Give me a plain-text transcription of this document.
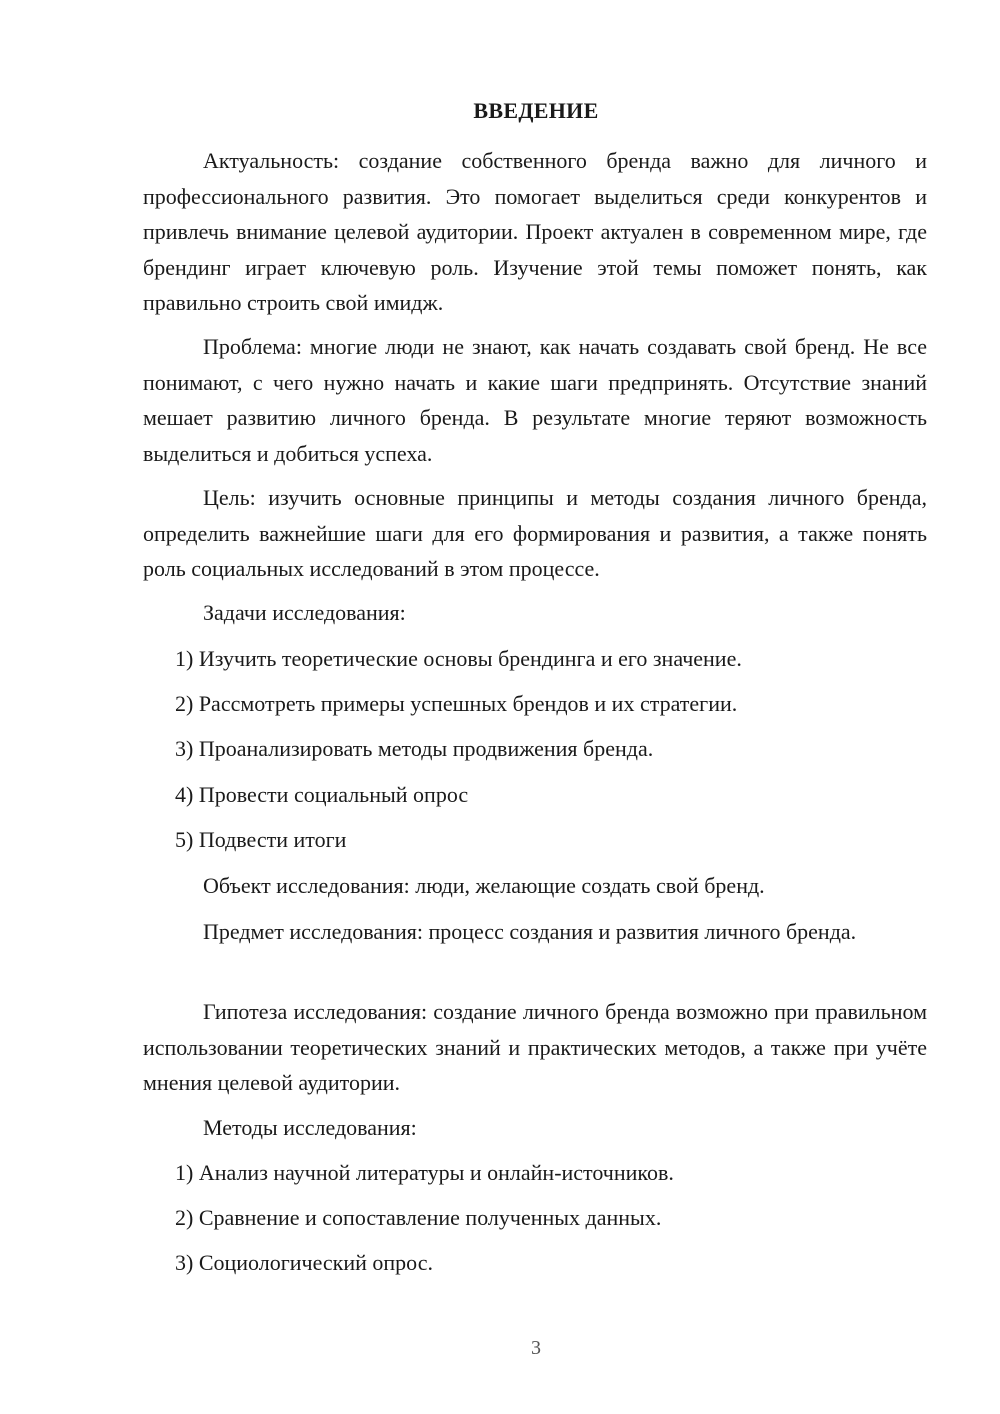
ВВЕДЕНИЕ

Актуальность: создание собственного бренда важно для личного и профессионального развития. Это помогает выделиться среди конкурентов и привлечь внимание целевой аудитории. Проект актуален в современном мире, где брендинг играет ключевую роль. Изучение этой темы поможет понять, как правильно строить свой имидж.

Проблема: многие люди не знают, как начать создавать свой бренд. Не все понимают, с чего нужно начать и какие шаги предпринять. Отсутствие знаний мешает развитию личного бренда. В результате многие теряют возможность выделиться и добиться успеха.

Цель: изучить основные принципы и методы создания личного бренда, определить важнейшие шаги для его формирования и развития, а также понять роль социальных исследований в этом процессе.

Задачи исследования:
1) Изучить теоретические основы брендинга и его значение.
2) Рассмотреть примеры успешных брендов и их стратегии.
3) Проанализировать методы продвижения бренда.
4) Провести социальный опрос
5) Подвести итоги
Объект исследования: люди, желающие создать свой бренд.

Предмет исследования: процесс создания и развития личного бренда.

Гипотеза исследования: создание личного бренда возможно при правильном использовании теоретических знаний и практических методов, а также при учёте мнения целевой аудитории.

Методы исследования:
1) Анализ научной литературы и онлайн-источников.
2) Сравнение и сопоставление полученных данных.
3) Социологический опрос.
3
